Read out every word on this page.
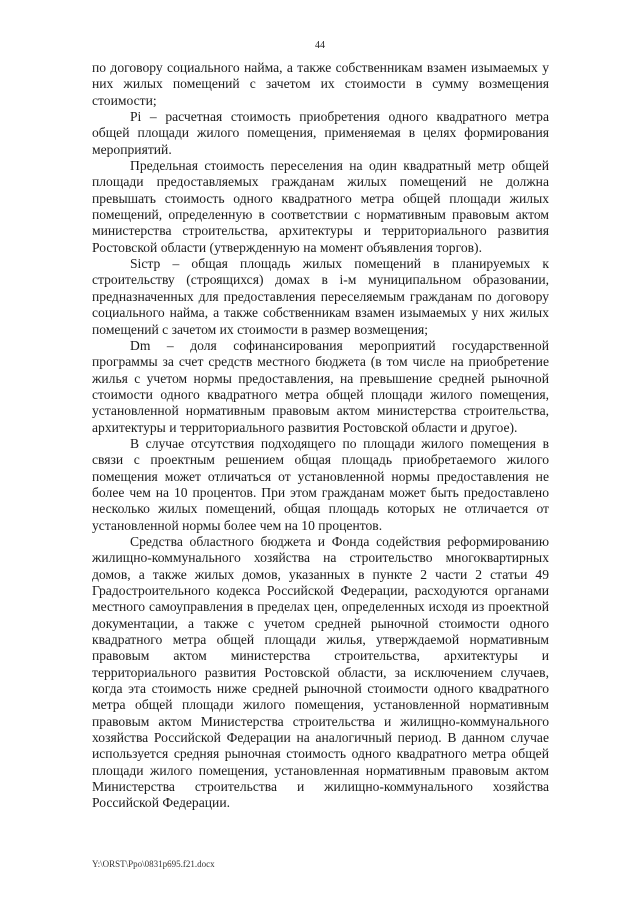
44

по договору социального найма, а также собственникам взамен изымаемых у них жилых помещений с зачетом их стоимости в сумму возмещения стоимости;

Pi – расчетная стоимость приобретения одного квадратного метра общей площади жилого помещения, применяемая в целях формирования мероприятий.

Предельная стоимость переселения на один квадратный метр общей площади предоставляемых гражданам жилых помещений не должна превышать стоимость одного квадратного метра общей площади жилых помещений, определенную в соответствии с нормативным правовым актом министерства строительства, архитектуры и территориального развития Ростовской области (утвержденную на момент объявления торгов).

Sicтр – общая площадь жилых помещений в планируемых к строительству (строящихся) домах в i-м муниципальном образовании, предназначенных для предоставления переселяемым гражданам по договору социального найма, а также собственникам взамен изымаемых у них жилых помещений с зачетом их стоимости в размер возмещения;

Dm – доля софинансирования мероприятий государственной программы за счет средств местного бюджета (в том числе на приобретение жилья с учетом нормы предоставления, на превышение средней рыночной стоимости одного квадратного метра общей площади жилого помещения, установленной нормативным правовым актом министерства строительства, архитектуры и территориального развития Ростовской области и другое).

В случае отсутствия подходящего по площади жилого помещения в связи с проектным решением общая площадь приобретаемого жилого помещения может отличаться от установленной нормы предоставления не более чем на 10 процентов. При этом гражданам может быть предоставлено несколько жилых помещений, общая площадь которых не отличается от установленной нормы более чем на 10 процентов.

Средства областного бюджета и Фонда содействия реформированию жилищно-коммунального хозяйства на строительство многоквартирных домов, а также жилых домов, указанных в пункте 2 части 2 статьи 49 Градостроительного кодекса Российской Федерации, расходуются органами местного самоуправления в пределах цен, определенных исходя из проектной документации, а также с учетом средней рыночной стоимости одного квадратного метра общей площади жилья, утверждаемой нормативным правовым актом министерства строительства, архитектуры и территориального развития Ростовской области, за исключением случаев, когда эта стоимость ниже средней рыночной стоимости одного квадратного метра общей площади жилого помещения, установленной нормативным правовым актом Министерства строительства и жилищно-коммунального хозяйства Российской Федерации на аналогичный период. В данном случае используется средняя рыночная стоимость одного квадратного метра общей площади жилого помещения, установленная нормативным правовым актом Министерства строительства и жилищно-коммунального хозяйства Российской Федерации.

Y:\ORST\Ppo\0831p695.f21.docx
